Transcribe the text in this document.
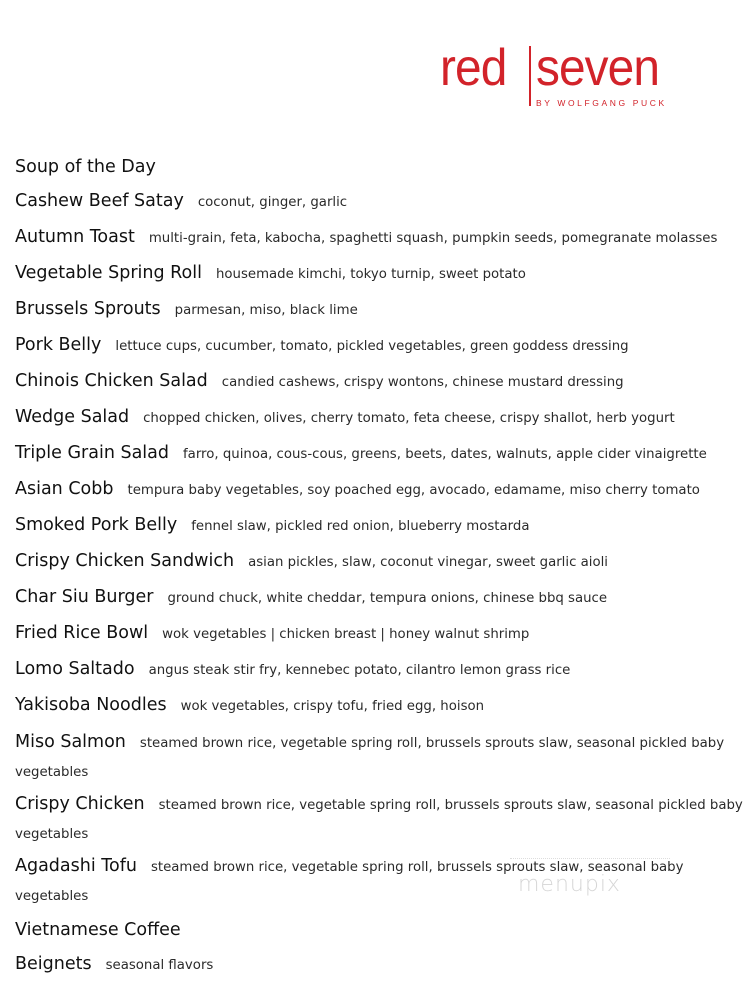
red seven
BY WOLFGANG PUCK

Soup of the Day

Cashew Beef Satay coconut, ginger, garlic

Autumn Toast multi-grain, feta, kabocha, spaghetti squash, pumpkin seeds, pomegranate molasses

Vegetable Spring Roll housemade kimchi, tokyo turnip, sweet potato

Brussels Sprouts parmesan, miso, black lime

Pork Belly lettuce cups, cucumber, tomato, pickled vegetables, green goddess dressing

Chinois Chicken Salad candied cashews, crispy wontons, chinese mustard dressing

Wedge Salad chopped chicken, olives, cherry tomato, feta cheese, crispy shallot, herb yogurt

Triple Grain Salad farro, quinoa, cous-cous, greens, beets, dates, walnuts, apple cider vinaigrette

Asian Cobb tempura baby vegetables, soy poached egg, avocado, edamame, miso cherry tomato

Smoked Pork Belly fennel slaw, pickled red onion, blueberry mostarda

Crispy Chicken Sandwich asian pickles, slaw, coconut vinegar, sweet garlic aioli

Char Siu Burger ground chuck, white cheddar, tempura onions, chinese bbq sauce

Fried Rice Bowl wok vegetables | chicken breast | honey walnut shrimp

Lomo Saltado angus steak stir fry, kennebec potato, cilantro lemon grass rice

Yakisoba Noodles wok vegetables, crispy tofu, fried egg, hoison

Miso Salmon steamed brown rice, vegetable spring roll, brussels sprouts slaw, seasonal pickled baby vegetables

Crispy Chicken steamed brown rice, vegetable spring roll, brussels sprouts slaw, seasonal pickled baby vegetables

Agadashi Tofu steamed brown rice, vegetable spring roll, brussels sprouts slaw, seasonal baby vegetables

Vietnamese Coffee

Beignets seasonal flavors

menupix
